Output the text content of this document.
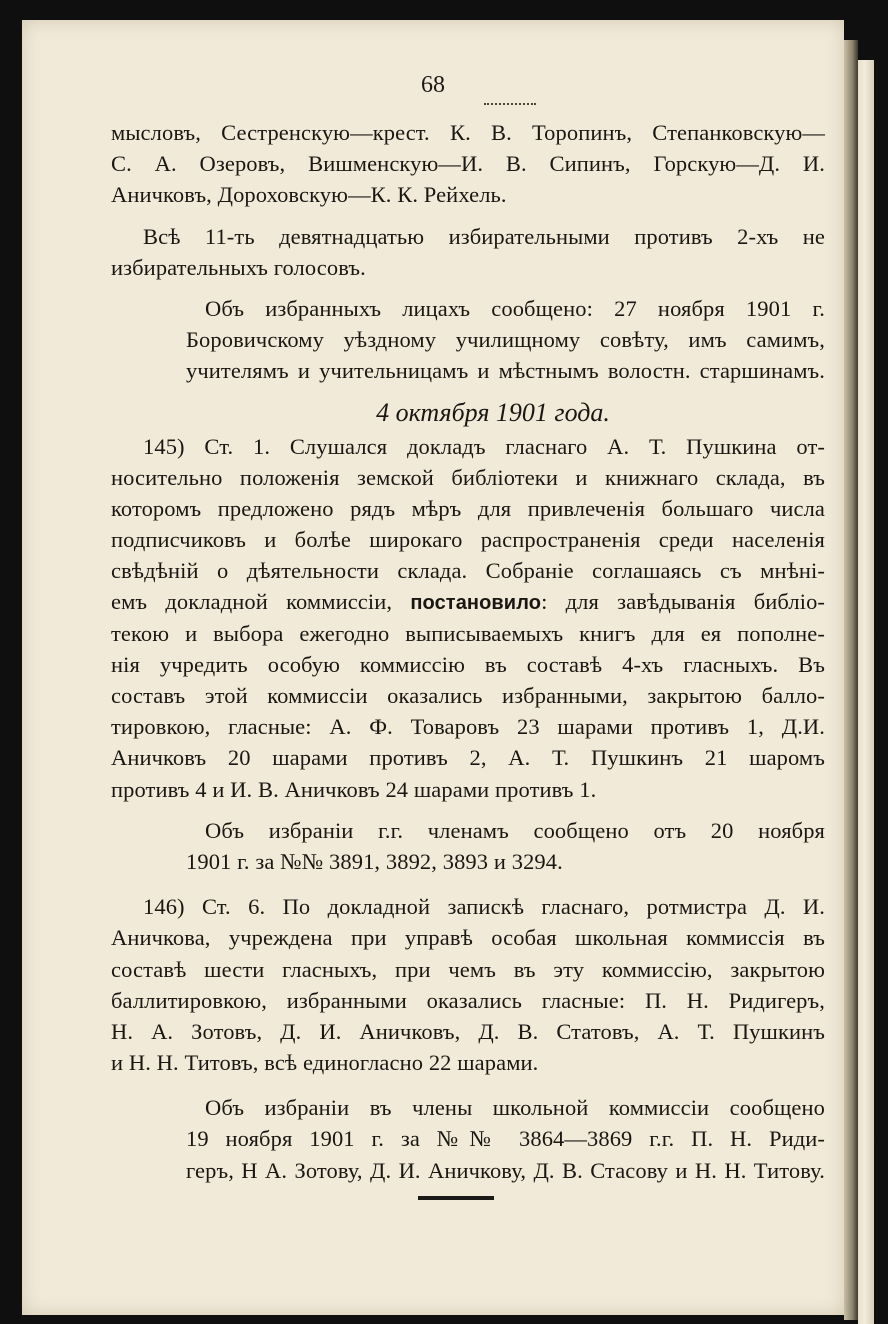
68
мысловъ, Сестренскую—крест. К. В. Торопинъ, Степанковскую—
С. А. Озеровъ, Вишменскую—И. В. Сипинъ, Горскую—Д. И.
Аничковъ, Дороховскую—К. К. Рейхель.
Всѣ 11-ть девятнадцатью избирательными противъ 2-хъ не
избирательныхъ голосовъ.
Объ избранныхъ лицахъ сообщено: 27 ноября 1901 г.
Боровичскому уѣздному училищному совѣту, имъ самимъ,
учителямъ и учительницамъ и мѣстнымъ волостн. старшинамъ.
4 октября 1901 года.
145) Ст. 1. Слушался докладъ гласнаго А. Т. Пушкина от-
носительно положенія земской библіотеки и книжнаго склада, въ
которомъ предложено рядъ мѣръ для привлеченія большаго числа
подписчиковъ и болѣе широкаго распространенія среди населенія
свѣдѣній о дѣятельности склада. Собраніе соглашаясь съ мнѣні-
емъ докладной коммиссіи, постановило: для завѣдыванія библіо-
текою и выбора ежегодно выписываемыхъ книгъ для ея пополне-
нія учредить особую коммиссію въ составѣ 4-хъ гласныхъ. Въ
составъ этой коммиссіи оказались избранными, закрытою балло-
тировкою, гласные: А. Ф. Товаровъ 23 шарами противъ 1, Д.И.
Аничковъ 20 шарами противъ 2, А. Т. Пушкинъ 21 шаромъ
противъ 4 и И. В. Аничковъ 24 шарами противъ 1.
Объ избраніи г.г. членамъ сообщено отъ 20 ноября
1901 г. за №№ 3891, 3892, 3893 и 3294.
146) Ст. 6. По докладной запискѣ гласнаго, ротмистра Д. И.
Аничкова, учреждена при управѣ особая школьная коммиссія въ
составѣ шести гласныхъ, при чемъ въ эту коммиссію, закрытою
баллитировкою, избранными оказались гласные: П. Н. Ридигеръ,
Н. А. Зотовъ, Д. И. Аничковъ, Д. В. Статовъ, А. Т. Пушкинъ
и Н. Н. Титовъ, всѣ единогласно 22 шарами.
Объ избраніи въ члены школьной коммиссіи сообщено
19 ноября 1901 г. за №№ 3864—3869 г.г. П. Н. Риди-
геръ, Н А. Зотову, Д. И. Аничкову, Д. В. Стасову и Н. Н. Титову.
